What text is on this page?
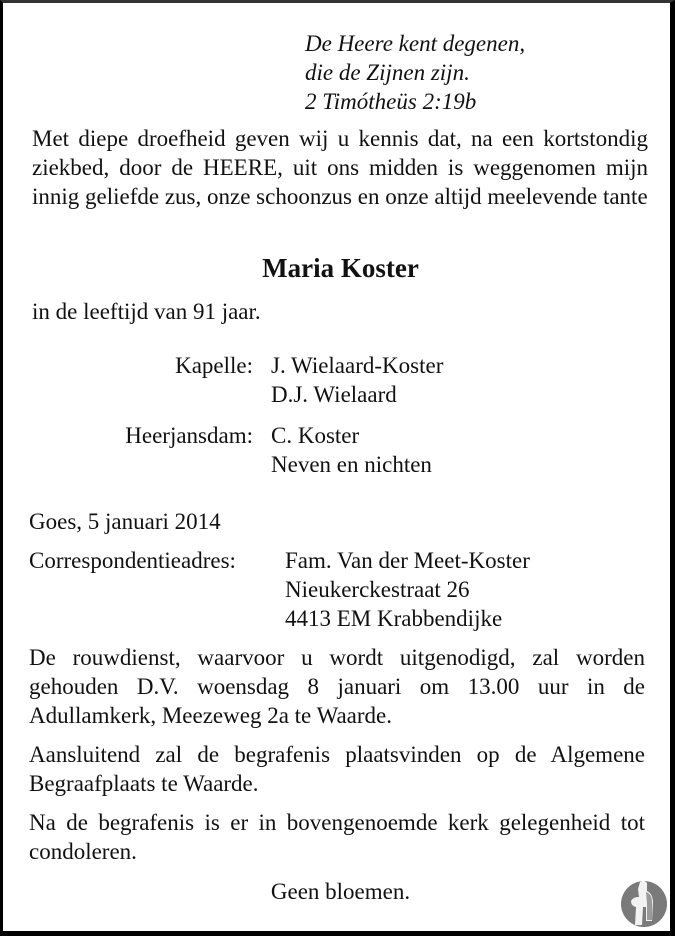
De Heere kent degenen,
die de Zijnen zijn.
2 Timótheüs 2:19b
Met diepe droefheid geven wij u kennis dat, na een kortstondig ziekbed, door de HEERE, uit ons midden is weggenomen mijn innig geliefde zus, onze schoonzus en onze altijd meelevende tante
Maria Koster
in de leeftijd van 91 jaar.
Kapelle: J. Wielaard-Koster
D.J. Wielaard
Heerjansdam: C. Koster
Neven en nichten
Goes, 5 januari 2014
Correspondentieadres: Fam. Van der Meet-Koster
Nieukerckestraat 26
4413 EM Krabbendijke
De rouwdienst, waarvoor u wordt uitgenodigd, zal worden gehouden D.V. woensdag 8 januari om 13.00 uur in de Adullamkerk, Meezeweg 2a te Waarde.
Aansluitend zal de begrafenis plaatsvinden op de Algemene Begraafplaats te Waarde.
Na de begrafenis is er in bovengenoemde kerk gelegenheid tot condoleren.
Geen bloemen.
